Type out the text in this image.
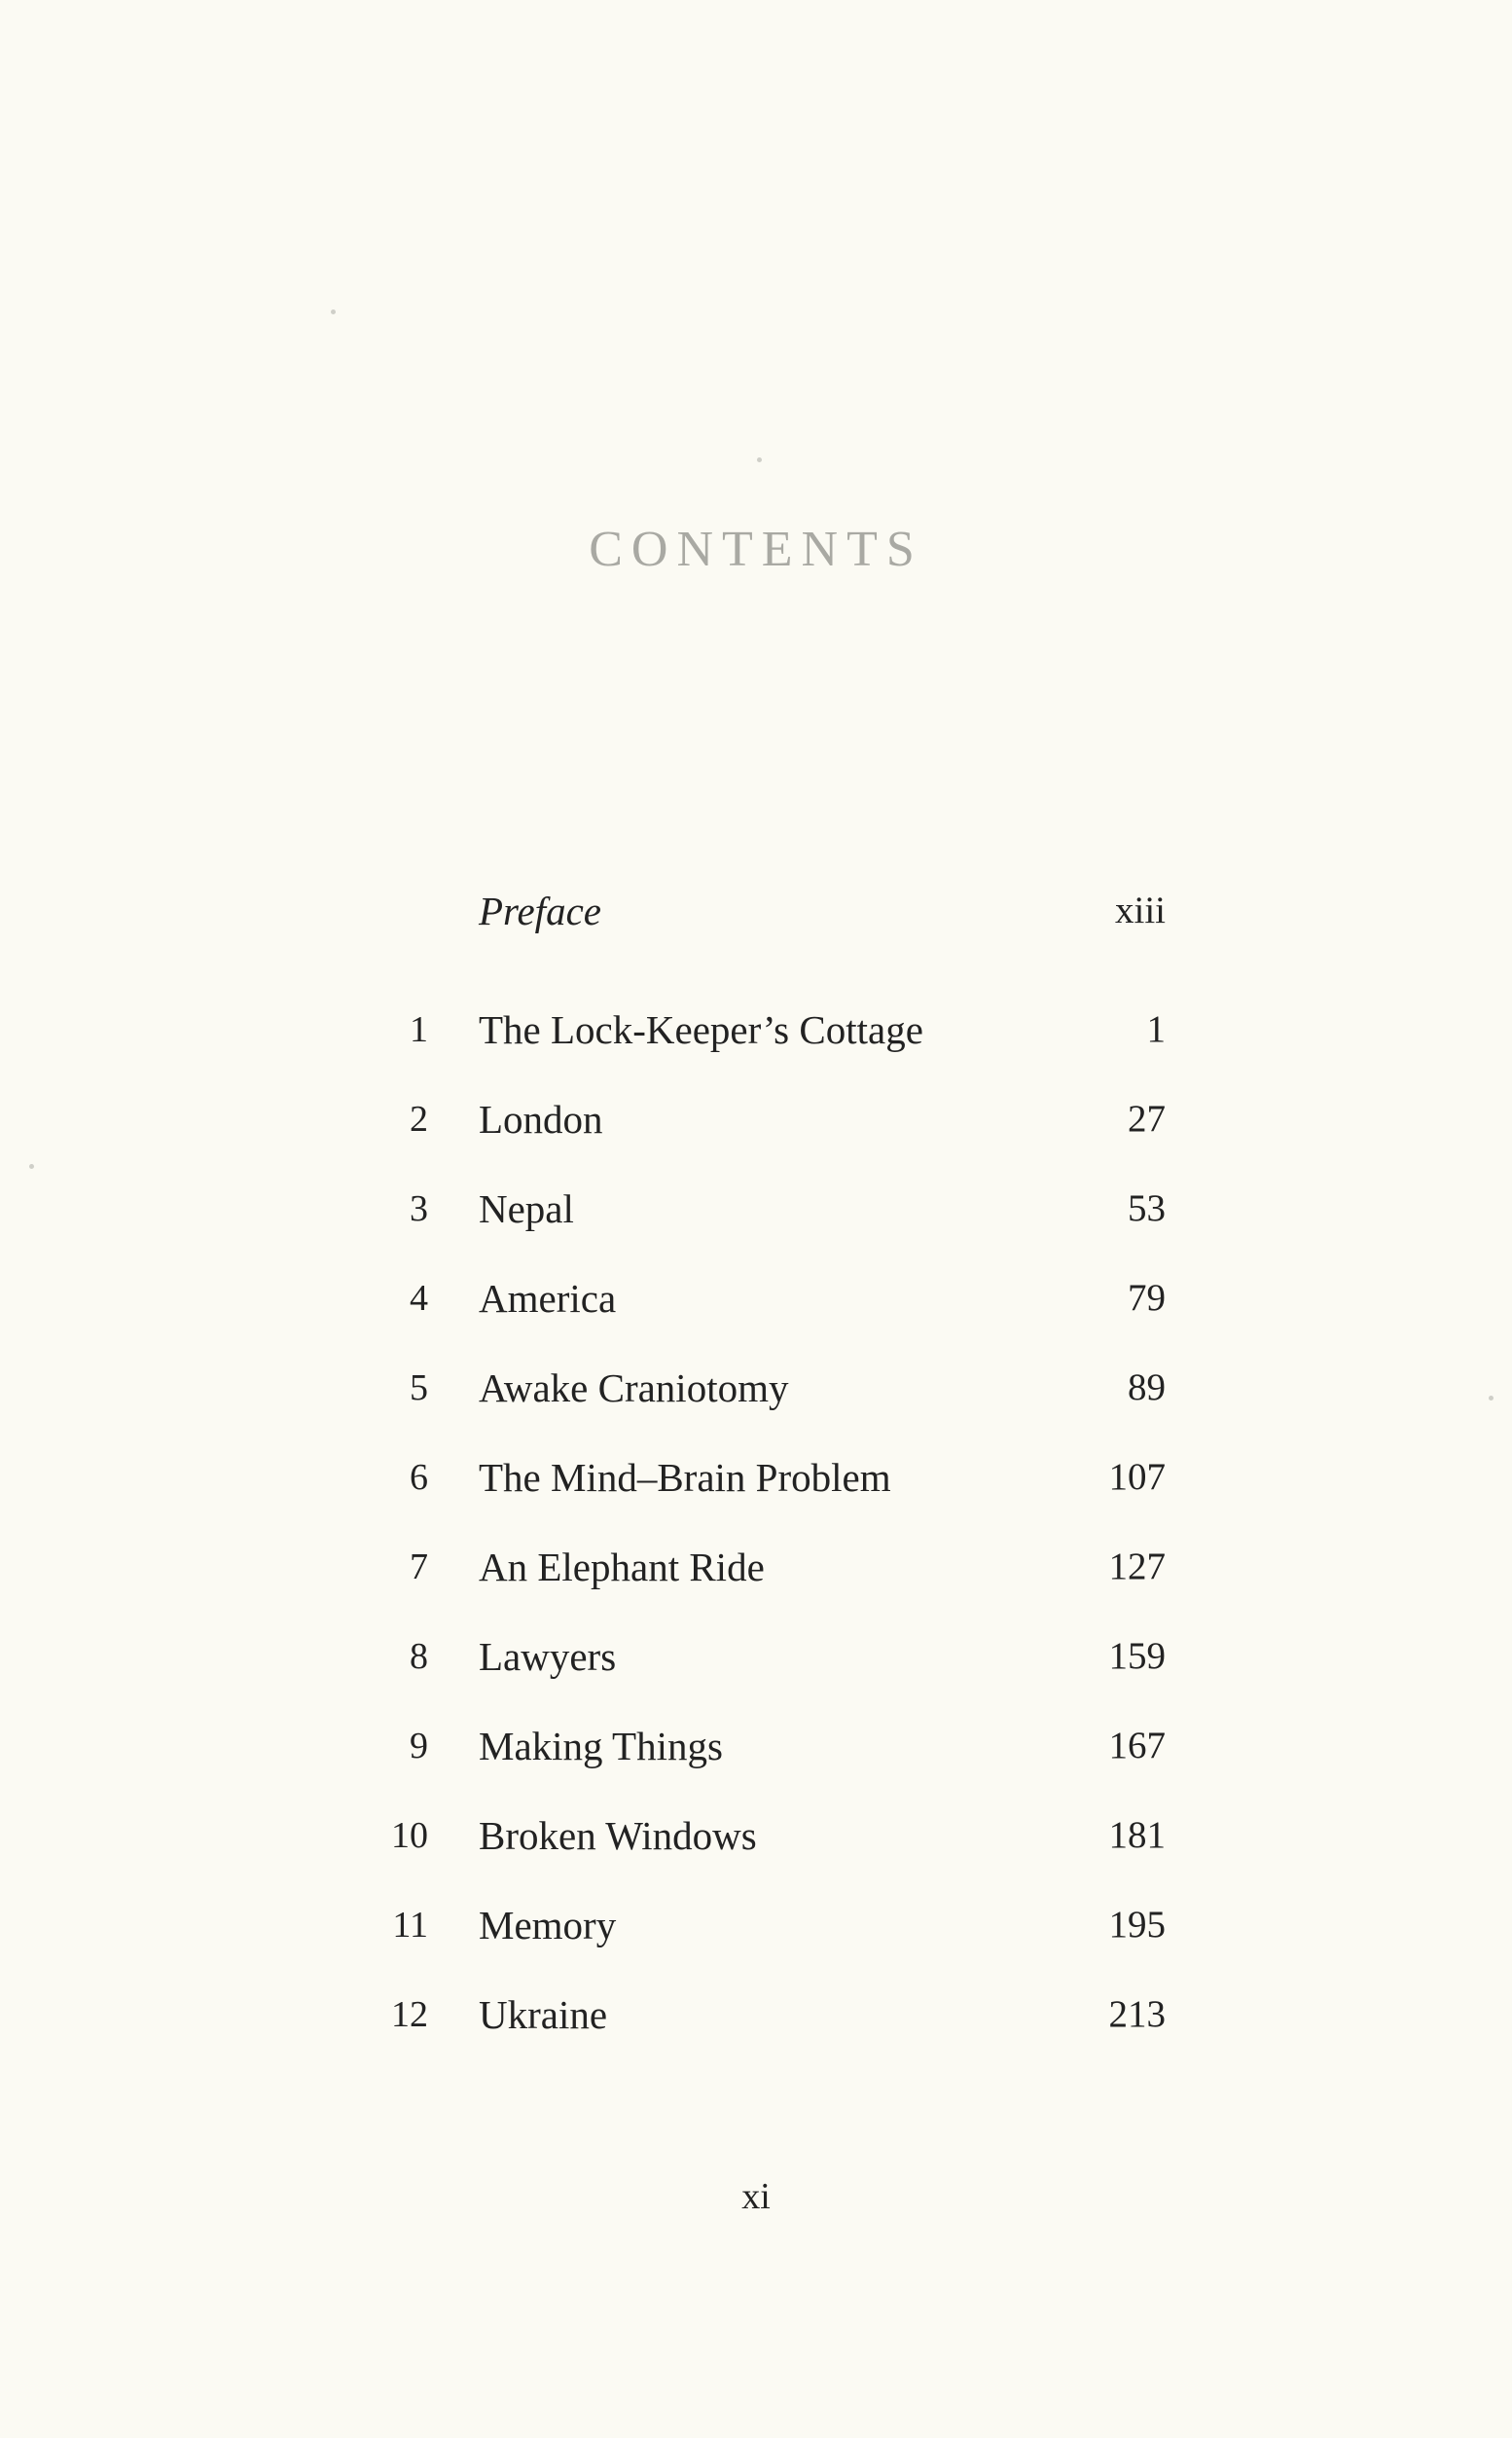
CONTENTS
Preface	xiii
1 The Lock-Keeper’s Cottage	1
2 London	27
3 Nepal	53
4 America	79
5 Awake Craniotomy	89
6 The Mind–Brain Problem	107
7 An Elephant Ride	127
8 Lawyers	159
9 Making Things	167
10 Broken Windows	181
11 Memory	195
12 Ukraine	213
xi
